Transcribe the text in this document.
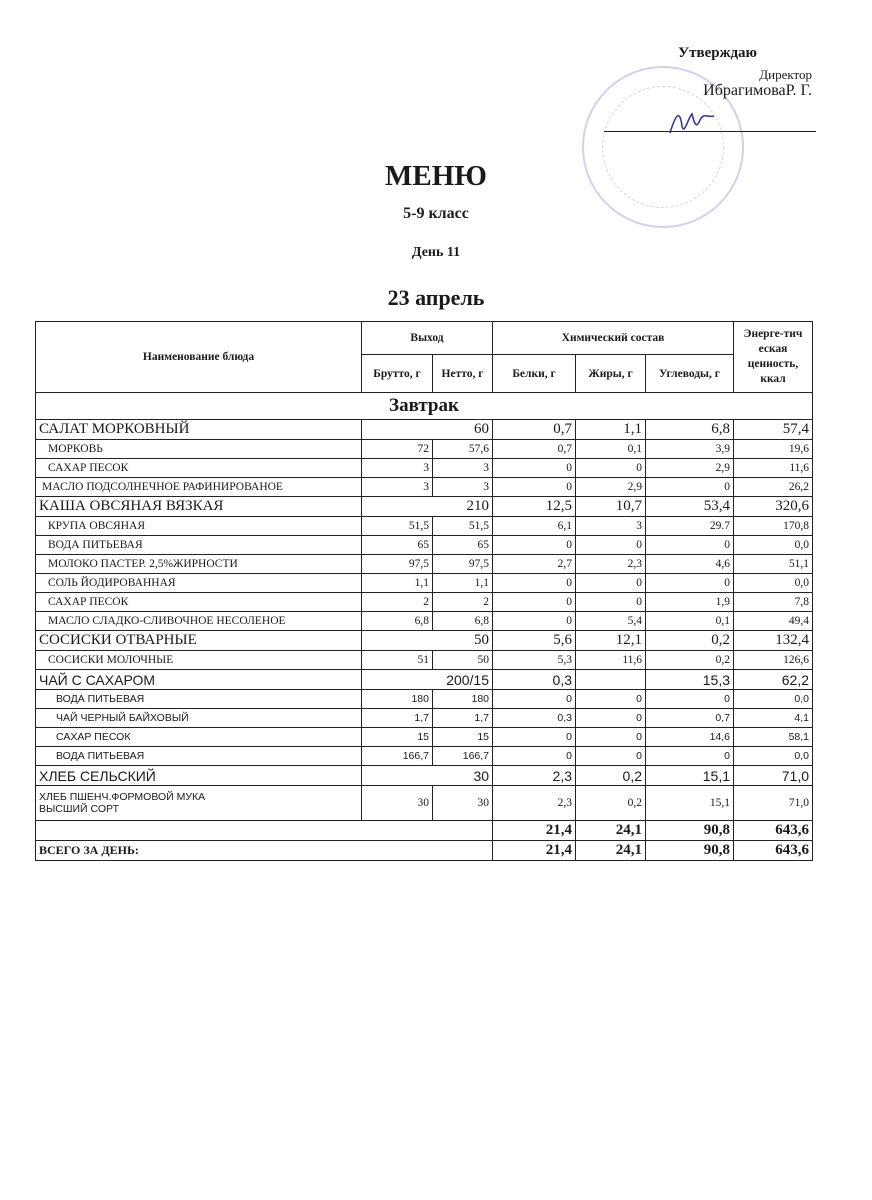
Утверждаю
Директор
ИбрагимоваР. Г.
МЕНЮ
5-9 класс
День 11
23 апрель
Наименование блюда	Выход		Химический состав			Энерге-тич еская ценность, ккал
	Брутто, г	Нетто, г	Белки, г	Жиры, г	Углеводы, г	
Завтрак						
САЛАТ МОРКОВНЫЙ	60		0,7	1,1	6,8	57,4
МОРКОВЬ	72	57,6	0,7	0,1	3,9	19,6
САХАР ПЕСОК	3	3	0	0	2,9	11,6
МАСЛО ПОДСОЛНЕЧНОЕ РАФИНИРОВАНОЕ	3	3	0	2,9	0	26,2
КАША ОВСЯНАЯ ВЯЗКАЯ	210		12,5	10,7	53,4	320,6
КРУПА ОВСЯНАЯ	51,5	51,5	6,1	3	29.7	170,8
ВОДА ПИТЬЕВАЯ	65	65	0	0	0	0,0
МОЛОКО ПАСТЕР. 2,5%ЖИРНОСТИ	97,5	97,5	2,7	2,3	4,6	51,1
СОЛЬ ЙОДИРОВАННАЯ	1,1	1,1	0	0	0	0,0
САХАР ПЕСОК	2	2	0	0	1,9	7,8
МАСЛО СЛАДКО-СЛИВОЧНОЕ НЕСОЛЕНОЕ	6,8	6,8	0	5,4	0,1	49,4
СОСИСКИ ОТВАРНЫЕ	50		5,6	12,1	0,2	132,4
СОСИСКИ МОЛОЧНЫЕ	51	50	5,3	11,6	0,2	126,6
ЧАЙ С САХАРОМ	200/15		0,3		15,3	62,2
ВОДА ПИТЬЕВАЯ	180	180	0	0	0	0,0
ЧАЙ ЧЕРНЫЙ БАЙХОВЫЙ	1,7	1,7	0,3	0	0,7	4,1
САХАР ПЕСОК	15	15	0	0	14,6	58,1
ВОДА ПИТЬЕВАЯ	166,7	166,7	0	0	0	0,0
ХЛЕБ СЕЛЬСКИЙ	30		2,3	0,2	15,1	71,0
ХЛЕБ ПШЕНЧ.ФОРМОВОЙ МУКА ВЫСШИЙ СОРТ	30	30	2,3	0,2	15,1	71,0
			21,4	24,1	90,8	643,6
ВСЕГО ЗА ДЕНЬ:			21,4	24,1	90,8	643,6
